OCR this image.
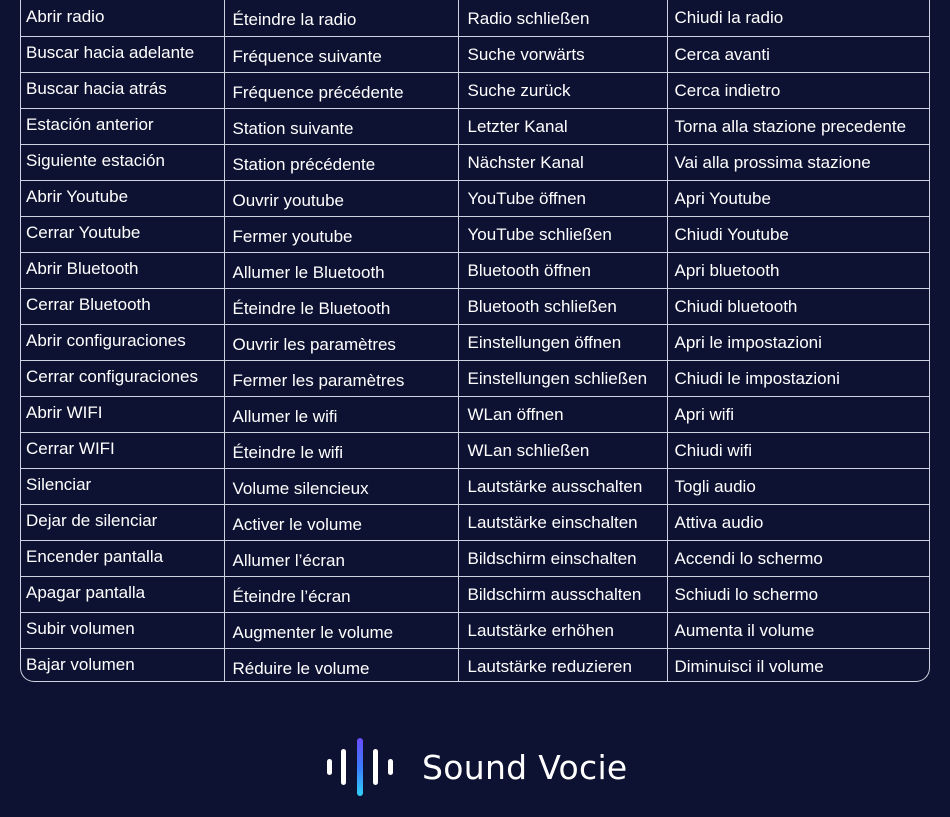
Abrir radio	Éteindre la radio	Radio schließen	Chiudi la radio
Buscar hacia adelante	Fréquence suivante	Suche vorwärts	Cerca avanti
Buscar hacia atrás	Fréquence précédente	Suche zurück	Cerca indietro
Estación anterior	Station suivante	Letzter Kanal	Torna alla stazione precedente
Siguiente estación	Station précédente	Nächster Kanal	Vai alla prossima stazione
Abrir Youtube	Ouvrir youtube	YouTube öffnen	Apri Youtube
Cerrar Youtube	Fermer youtube	YouTube schließen	Chiudi Youtube
Abrir Bluetooth	Allumer le Bluetooth	Bluetooth öffnen	Apri bluetooth
Cerrar Bluetooth	Éteindre le Bluetooth	Bluetooth schließen	Chiudi bluetooth
Abrir configuraciones	Ouvrir les paramètres	Einstellungen öffnen	Apri le impostazioni
Cerrar configuraciones	Fermer les paramètres	Einstellungen schließen	Chiudi le impostazioni
Abrir WIFI	Allumer le wifi	WLan öffnen	Apri wifi
Cerrar WIFI	Éteindre le wifi	WLan schließen	Chiudi wifi
Silenciar	Volume silencieux	Lautstärke ausschalten	Togli audio
Dejar de silenciar	Activer le volume	Lautstärke einschalten	Attiva audio
Encender pantalla	Allumer l’écran	Bildschirm einschalten	Accendi lo schermo
Apagar pantalla	Éteindre l’écran	Bildschirm ausschalten	Schiudi lo schermo
Subir volumen	Augmenter le volume	Lautstärke erhöhen	Aumenta il volume
Bajar volumen	Réduire le volume	Lautstärke reduzieren	Diminuisci il volume
Sound Vocie
